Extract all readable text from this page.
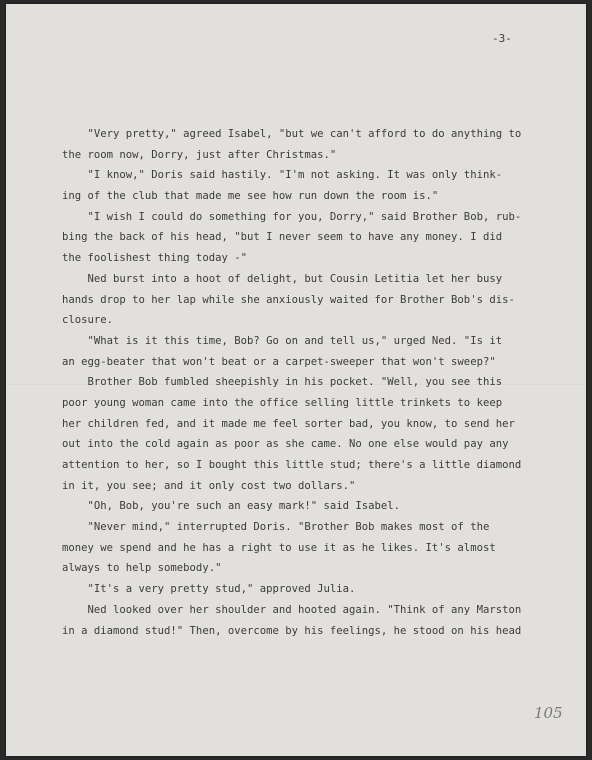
-3-
"Very pretty," agreed Isabel, "but we can't afford to do anything to
the room now, Dorry, just after Christmas."
"I know," Doris said hastily. "I'm not asking. It was only think-
ing of the club that made me see how run down the room is."
"I wish I could do something for you, Dorry," said Brother Bob, rub-
bing the back of his head, "but I never seem to have any money. I did
the foolishest thing today -"
Ned burst into a hoot of delight, but Cousin Letitia let her busy
hands drop to her lap while she anxiously waited for Brother Bob's dis-
closure.
"What is it this time, Bob? Go on and tell us," urged Ned. "Is it
an egg-beater that won't beat or a carpet-sweeper that won't sweep?"
Brother Bob fumbled sheepishly in his pocket. "Well, you see this
poor young woman came into the office selling little trinkets to keep
her children fed, and it made me feel sorter bad, you know, to send her
out into the cold again as poor as she came. No one else would pay any
attention to her, so I bought this little stud; there's a little diamond
in it, you see; and it only cost two dollars."
"Oh, Bob, you're such an easy mark!" said Isabel.
"Never mind," interrupted Doris. "Brother Bob makes most of the
money we spend and he has a right to use it as he likes. It's almost
always to help somebody."
"It's a very pretty stud," approved Julia.
Ned looked over her shoulder and hooted again. "Think of any Marston
in a diamond stud!" Then, overcome by his feelings, he stood on his head
105
